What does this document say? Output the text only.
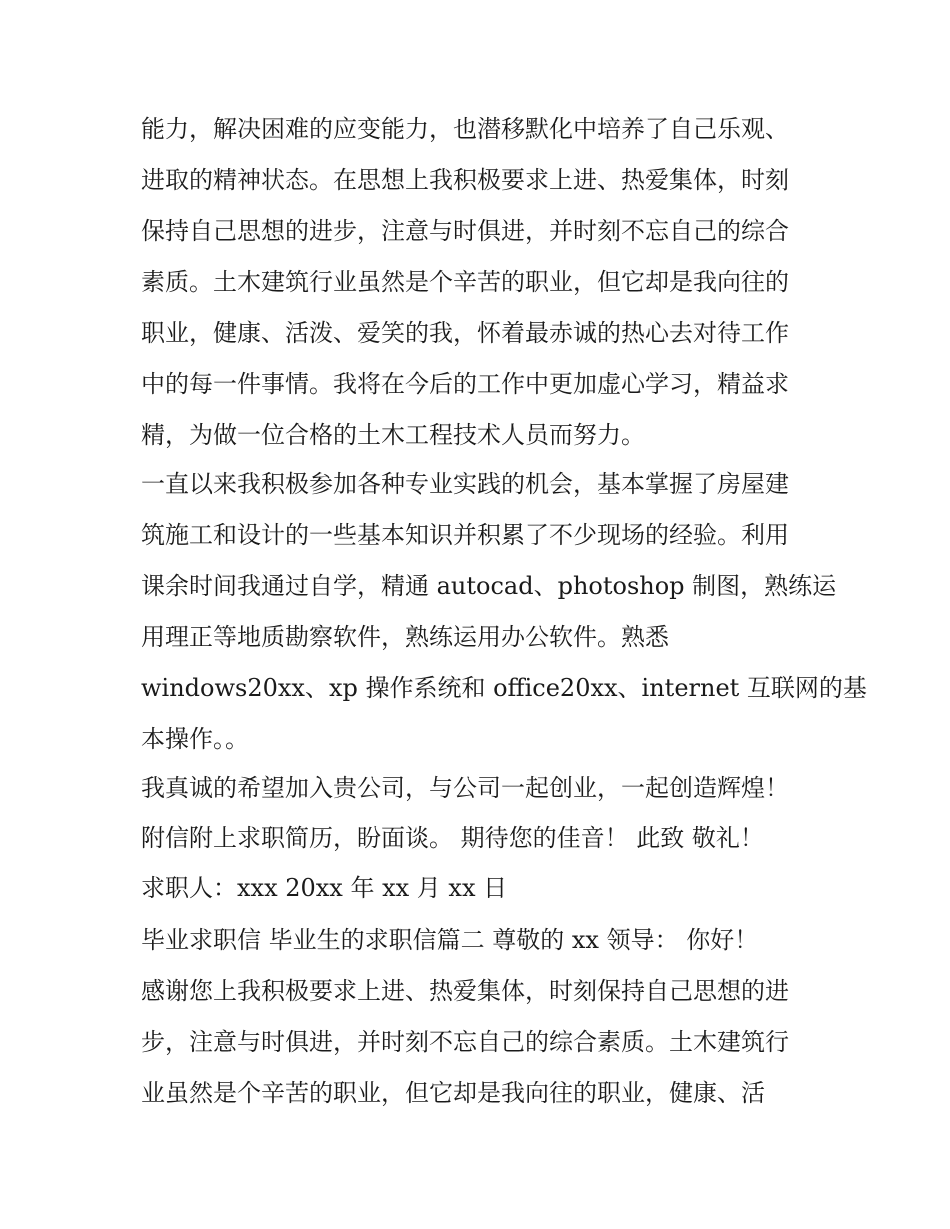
能力，解决困难的应变能力，也潜移默化中培养了自己乐观、
进取的精神状态。在思想上我积极要求上进、热爱集体，时刻
保持自己思想的进步，注意与时俱进，并时刻不忘自己的综合
素质。土木建筑行业虽然是个辛苦的职业，但它却是我向往的
职业，健康、活泼、爱笑的我，怀着最赤诚的热心去对待工作
中的每一件事情。我将在今后的工作中更加虚心学习，精益求
精，为做一位合格的土木工程技术人员而努力。
一直以来我积极参加各种专业实践的机会，基本掌握了房屋建
筑施工和设计的一些基本知识并积累了不少现场的经验。利用
课余时间我通过自学，精通 autocad、photoshop 制图，熟练运
用理正等地质勘察软件，熟练运用办公软件。熟悉
windows20xx、xp 操作系统和 office20xx、internet 互联网的基
本操作。。
我真诚的希望加入贵公司，与公司一起创业，一起创造辉煌！
附信附上求职简历，盼面谈。 期待您的佳音！ 此致 敬礼！
求职人：xxx 20xx 年 xx 月 xx 日
毕业求职信 毕业生的求职信篇二 尊敬的 xx 领导： 你好！
感谢您上我积极要求上进、热爱集体，时刻保持自己思想的进
步，注意与时俱进，并时刻不忘自己的综合素质。土木建筑行
业虽然是个辛苦的职业，但它却是我向往的职业，健康、活
